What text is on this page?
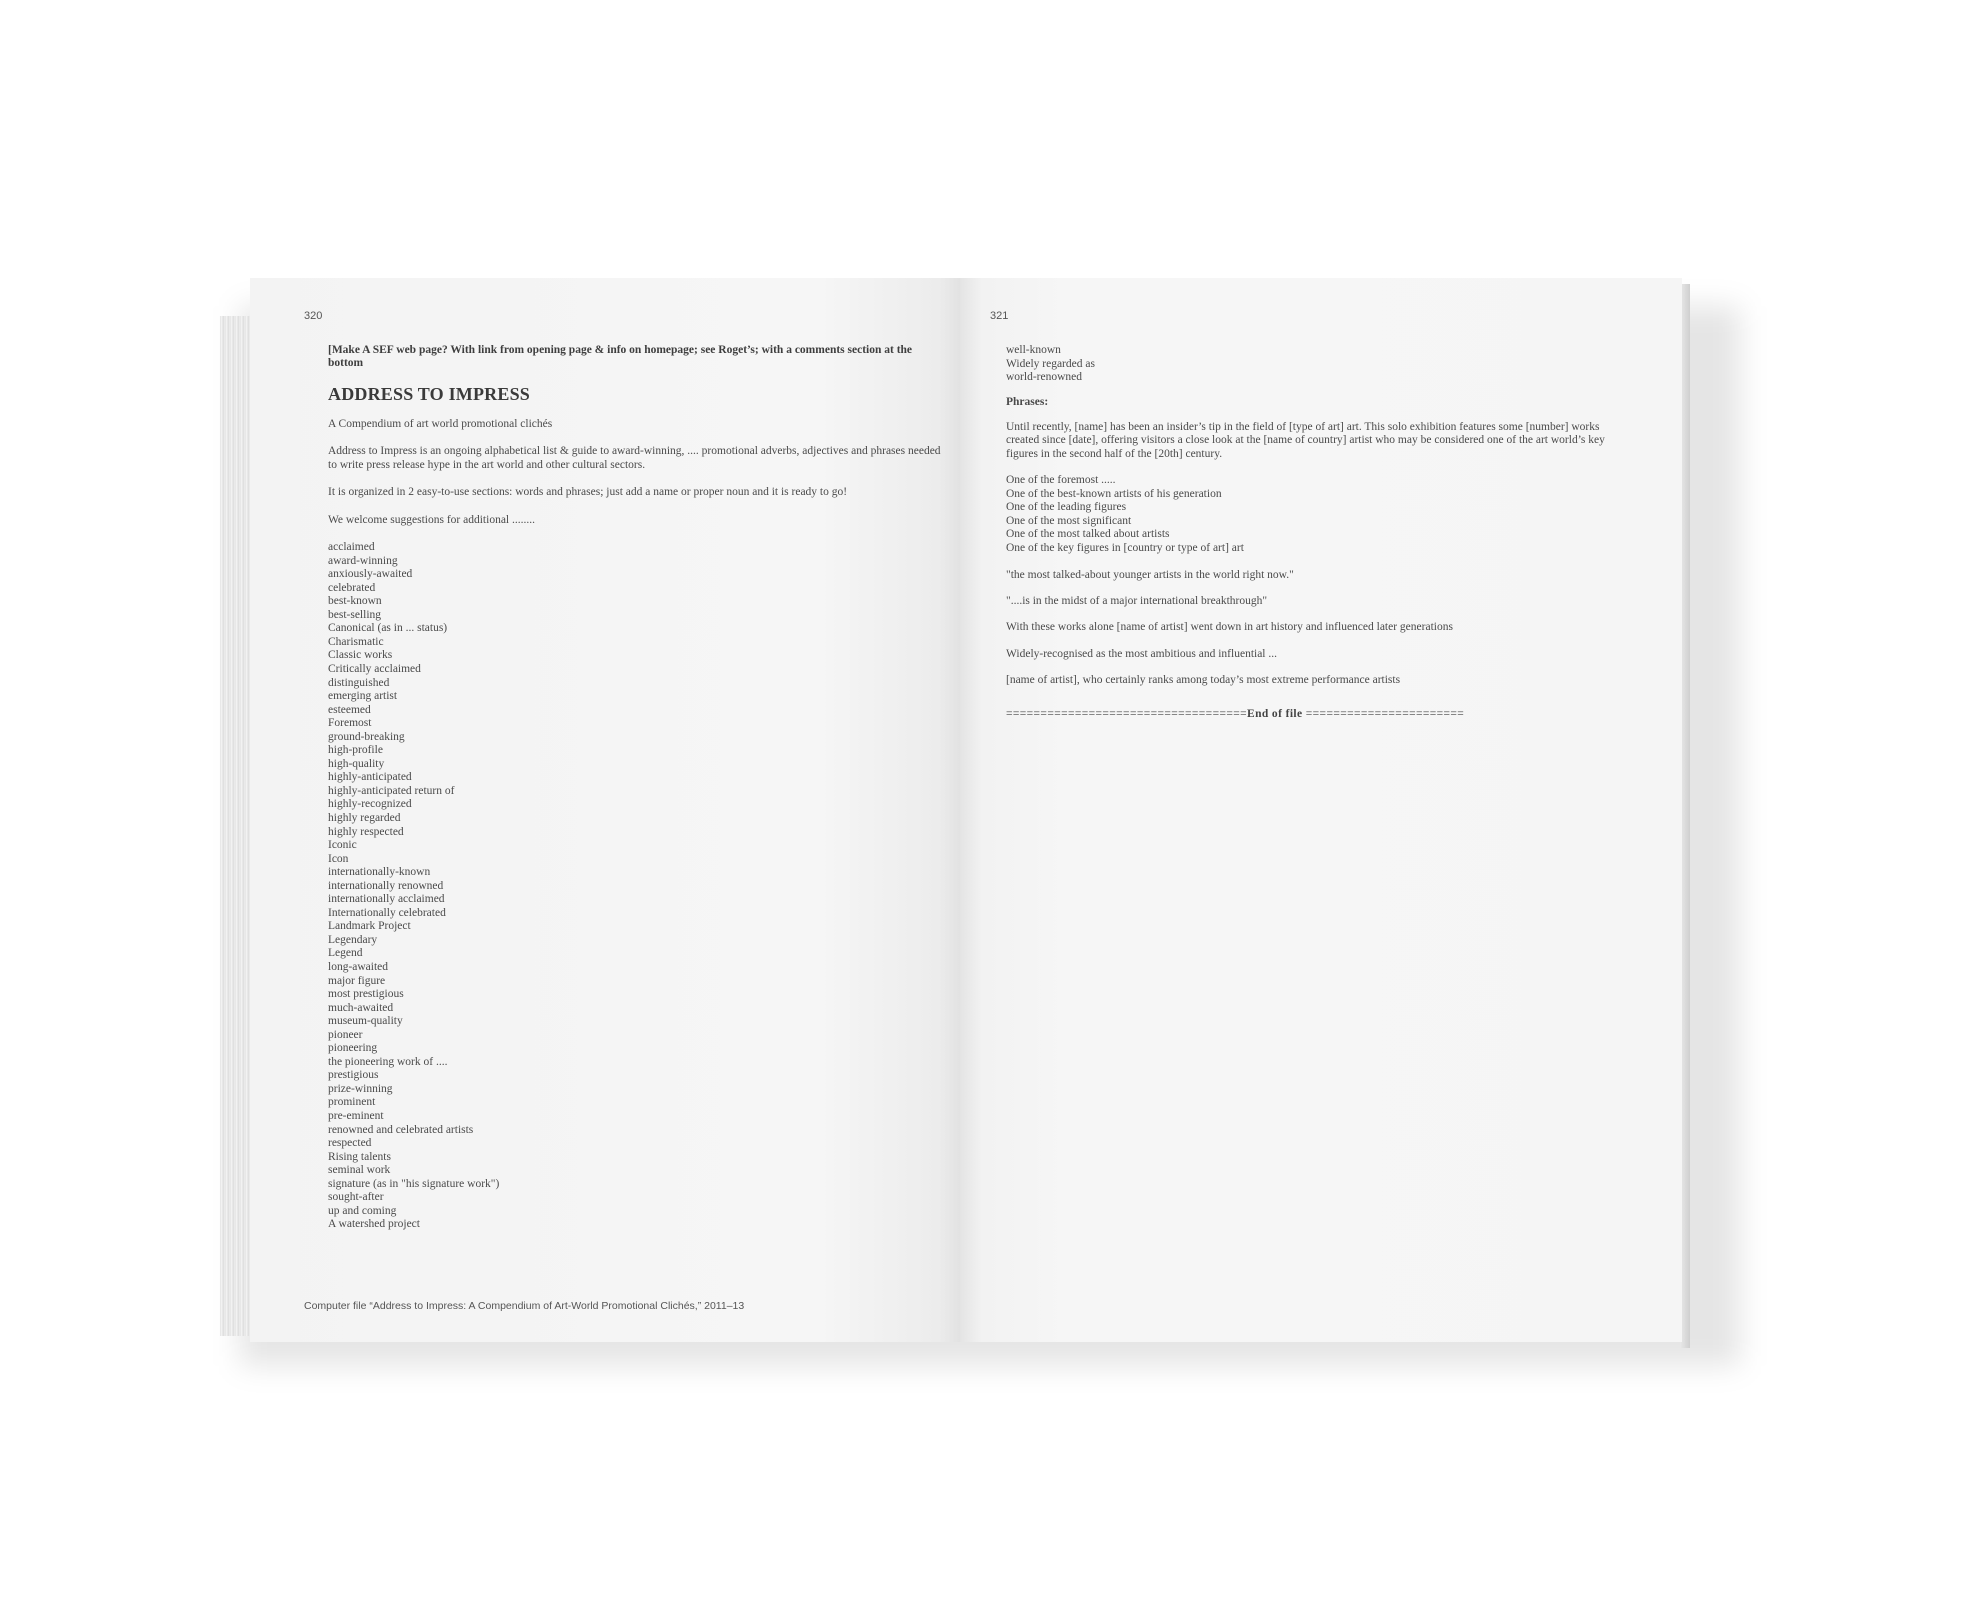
320

[Make A SEF web page? With link from opening page & info on homepage; see Roget’s; with a comments section at the bottom

ADDRESS TO IMPRESS

A Compendium of art world promotional clichés

Address to Impress is an ongoing alphabetical list & guide to award-winning, .... promotional adverbs, adjectives and phrases needed to write press release hype in the art world and other cultural sectors.

It is organized in 2 easy-to-use sections: words and phrases; just add a name or proper noun and it is ready to go!

We welcome suggestions for additional ........

acclaimed
award-winning
anxiously-awaited
celebrated
best-known
best-selling
Canonical (as in ... status)
Charismatic
Classic works
Critically acclaimed
distinguished
emerging artist
esteemed
Foremost
ground-breaking
high-profile
high-quality
highly-anticipated
highly-anticipated return of
highly-recognized
highly regarded
highly respected
Iconic
Icon
internationally-known
internationally renowned
internationally acclaimed
Internationally celebrated
Landmark Project
Legendary
Legend
long-awaited
major figure
most prestigious
much-awaited
museum-quality
pioneer
pioneering
the pioneering work of ....
prestigious
prize-winning
prominent
pre-eminent
renowned and celebrated artists
respected
Rising talents
seminal work
signature (as in "his signature work")
sought-after
up and coming
A watershed project
Computer file “Address to Impress: A Compendium of Art-World Promotional Clichés,” 2011–13
321
well-known
Widely regarded as
world-renowned

Phrases:

Until recently, [name] has been an insider’s tip in the field of [type of art] art. This solo exhibition features some [number] works created since [date], offering visitors a close look at the [name of country] artist who may be considered one of the art world’s key figures in the second half of the [20th] century.

One of the foremost .....
One of the best-known artists of his generation
One of the leading figures
One of the most significant
One of the most talked about artists
One of the key figures in [country or type of art] art

"the most talked-about younger artists in the world right now."

"....is in the midst of a major international breakthrough"

With these works alone [name of artist] went down in art history and influenced later generations

Widely-recognised as the most ambitious and influential ...

[name of artist], who certainly ranks among today’s most extreme performance artists

===================================End of file =======================
